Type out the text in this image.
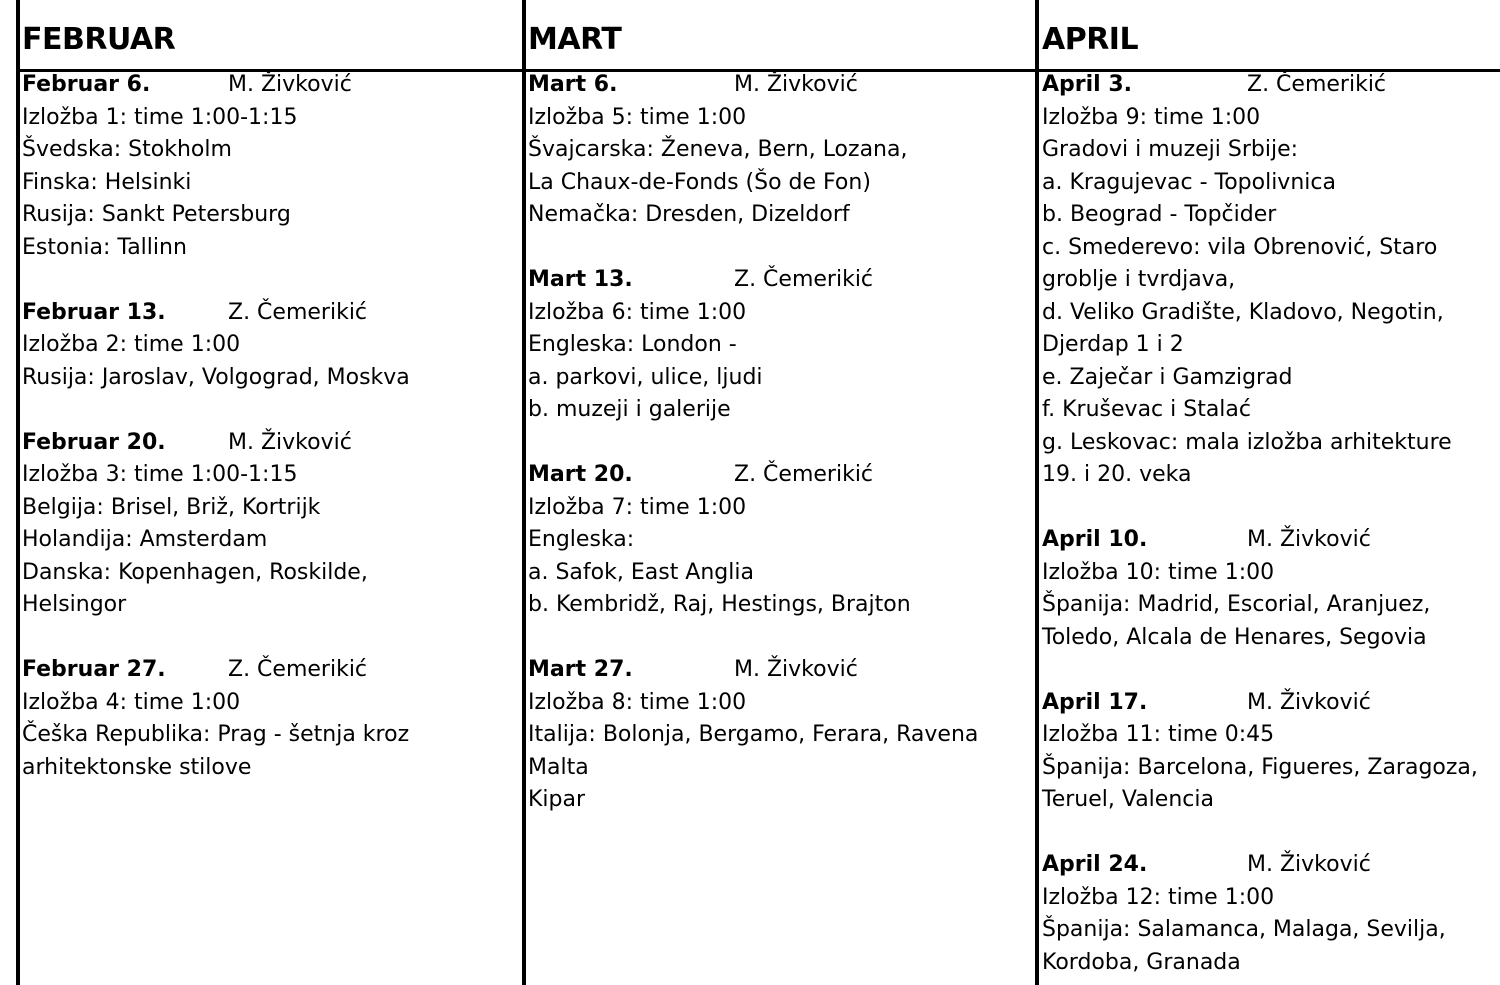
FEBRUAR
Februar 6.	M. Živković
Izložba 1: time 1:00-1:15
Švedska: Stokholm
Finska: Helsinki
Rusija: Sankt Petersburg
Estonia: Tallinn
Februar 13.	Z. Čemerikić
Izložba 2: time 1:00
Rusija: Jaroslav, Volgograd, Moskva
Februar 20.	M. Živković
Izložba 3: time 1:00-1:15
Belgija: Brisel, Briž, Kortrijk
Holandija: Amsterdam
Danska: Kopenhagen, Roskilde,
Helsingor
Februar 27.	Z. Čemerikić
Izložba 4: time 1:00
Češka Republika: Prag - šetnja kroz
arhitektonske stilove
MART
Mart 6.	M. Živković
Izložba 5: time 1:00
Švajcarska: Ženeva, Bern, Lozana,
La Chaux-de-Fonds (Šo de Fon)
Nemačka: Dresden, Dizeldorf
Mart 13.	Z. Čemerikić
Izložba 6: time 1:00
Engleska: London -
a. parkovi, ulice, ljudi
b. muzeji i galerije
Mart 20.	Z. Čemerikić
Izložba 7: time 1:00
Engleska:
a. Safok, East Anglia
b. Kembridž, Raj, Hestings, Brajton
Mart 27.	M. Živković
Izložba 8: time 1:00
Italija: Bolonja, Bergamo, Ferara, Ravena
Malta
Kipar
APRIL
April 3.	Z. Čemerikić
Izložba 9: time 1:00
Gradovi i muzeji Srbije:
a. Kragujevac - Topolivnica
b. Beograd - Topčider
c. Smederevo: vila Obrenović, Staro
groblje i tvrdjava,
d. Veliko Gradište, Kladovo, Negotin,
Djerdap 1 i 2
e. Zaječar i Gamzigrad
f. Kruševac i Stalać
g. Leskovac: mala izložba arhitekture
19. i 20. veka
April 10.	M. Živković
Izložba 10: time 1:00
Španija: Madrid, Escorial, Aranjuez,
Toledo, Alcala de Henares, Segovia
April 17.	M. Živković
Izložba 11: time 0:45
Španija: Barcelona, Figueres, Zaragoza,
Teruel, Valencia
April 24.	M. Živković
Izložba 12: time 1:00
Španija: Salamanca, Malaga, Sevilja,
Kordoba, Granada
